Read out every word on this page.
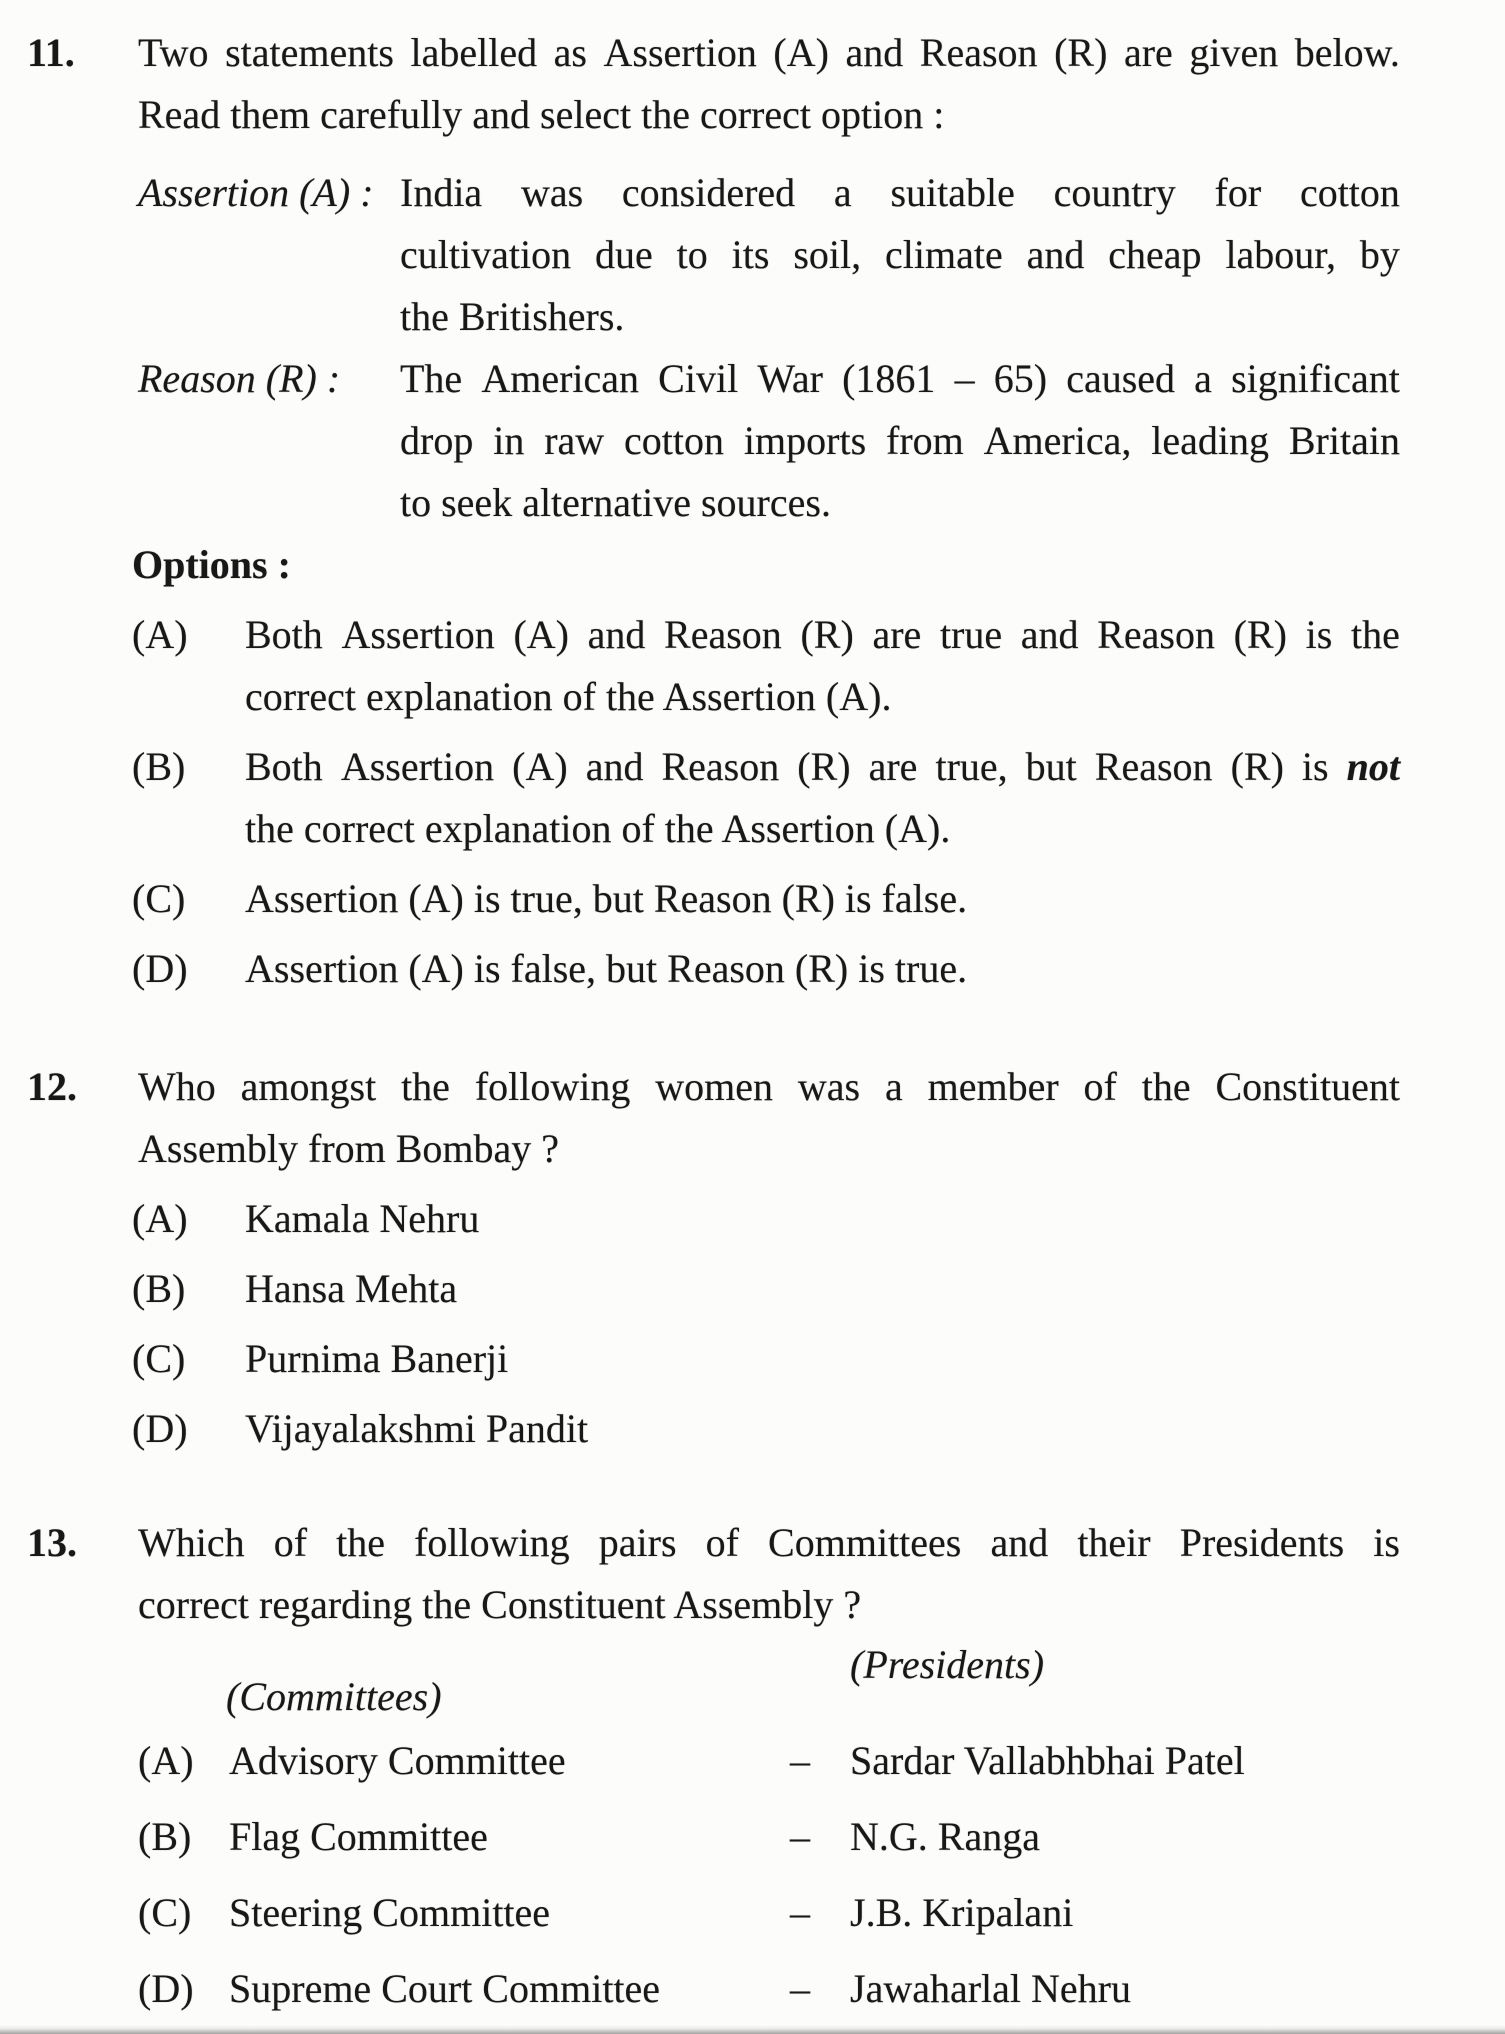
11.	Two statements labelled as Assertion (A) and Reason (R) are given below.
Read them carefully and select the correct option :
Assertion (A) : India was considered a suitable country for cotton
cultivation due to its soil, climate and cheap labour, by
the Britishers.
Reason (R) :	The American Civil War (1861 – 65) caused a significant
drop in raw cotton imports from America, leading Britain
to seek alternative sources.
Options :
(A)	Both Assertion (A) and Reason (R) are true and Reason (R) is the
correct explanation of the Assertion (A).
(B)	Both Assertion (A) and Reason (R) are true, but Reason (R) is not
the correct explanation of the Assertion (A).
(C)	Assertion (A) is true, but Reason (R) is false.
(D)	Assertion (A) is false, but Reason (R) is true.
12.	Who amongst the following women was a member of the Constituent
Assembly from Bombay ?
(A)	Kamala Nehru
(B)	Hansa Mehta
(C)	Purnima Banerji
(D)	Vijayalakshmi Pandit
13.	Which of the following pairs of Committees and their Presidents is
correct regarding the Constituent Assembly ?
(Committees)
(Presidents)
(A) Advisory Committee	–	Sardar Vallabhbhai Patel
(B) Flag Committee	–	N.G. Ranga
(C) Steering Committee	–	J.B. Kripalani
(D) Supreme Court Committee	–	Jawaharlal Nehru
